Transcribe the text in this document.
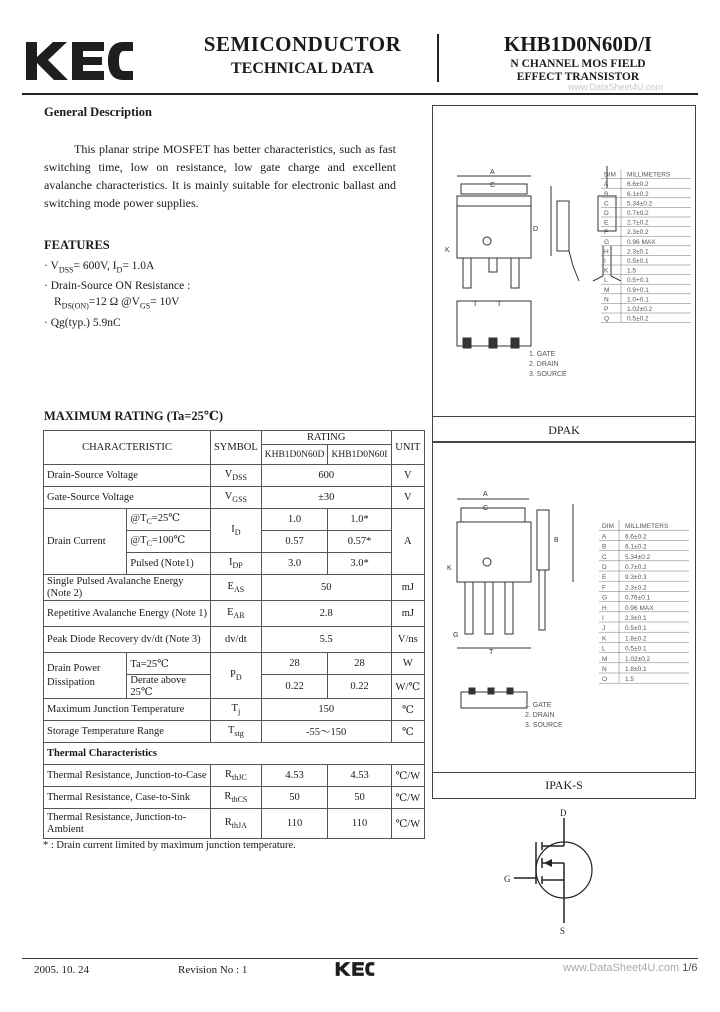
SEMICONDUCTOR
TECHNICAL DATA
KHB1D0N60D/I
N CHANNEL MOS FIELD
EFFECT TRANSISTOR
www.DataSheet4U.com
General Description
This planar stripe MOSFET has better characteristics, such as fast switching time, low on resistance, low gate charge and excellent avalanche characteristics. It is mainly suitable for electronic ballast and switching mode power supplies.
FEATURES
· $V_{DSS}= 600V$, $I_D= 1.0A$
· Drain-Source ON Resistance :
$R_{DS(ON)}=12$ Ω $@V_{GS}= 10V$
· Qg(typ.) 5.9nC
MAXIMUM RATING (Ta=25℃)
CHARACTERISTIC		SYMBOL	RATING		UNIT
			KHB1D0N60D	KHB1D0N60I	
Drain-Source Voltage		$V_{DSS}$	600		V
Gate-Source Voltage		$V_{GSS}$	±30		V
Drain Current	$@T_C=25℃$	$I_D$	1.0	1.0*	A
	$@T_C=100℃$		0.57	0.57*	
	Pulsed (Note1)	$I_{DP}$	3.0	3.0*	
Single Pulsed Avalanche Energy (Note 2)		$E_{AS}$	50		mJ
Repetitive Avalanche Energy (Note 1)		$E_{AR}$	2.8		mJ
Peak Diode Recovery dv/dt (Note 3)		dv/dt	5.5		V/ns
Drain Power Dissipation	Ta=25℃	$P_D$	28	28	W
	Derate above 25℃		0.22	0.22	W/℃
Maximum Junction Temperature		$T_j$	150		℃
Storage Temperature Range		$T_{stg}$	-55～150		℃
Thermal Characteristics					
Thermal Resistance, Junction-to-Case		$R_{thJC}$	4.53	4.53	℃/W
Thermal Resistance, Case-to-Sink		$R_{thCS}$	50	50	℃/W
Thermal Resistance, Junction-to-Ambient		$R_{thJA}$	110	110	℃/W
* : Drain current limited by maximum junction temperature.
A
C
K
D
T	T
1. GATE
2. DRAIN
3. SOURCE
DIM MILLIMETERS
A	6.6±0.2
B	6.1±0.2
C	5.34±0.2
D	0.7±0.2
E	2.7±0.2
F	2.3±0.2
G	0.96 MAX
H	2.3±0.1
I	0.5±0.1
K	1.5
L	0.5+0.1
M	0.9+0.1
N	1.0+0.1
P	1.02±0.2
Q	0.5±0.2
DPAK
A
C
K
B
G
T
1. GATE
2. DRAIN
3. SOURCE
DIM MILLIMETERS
A	6.6±0.2
B	6.1±0.2
C	5.34±0.2
D	0.7±0.2
E	9.3±0.3
F	2.3±0.2
G	0.76±0.1
H	0.96 MAX
I	2.3±0.1
J	0.5±0.1
K	1.8±0.2
L	0.5±0.1
M	1.02±0.2
N	1.8±0.1
O	1.5
IPAK-S
D
G
S
2005. 10. 24	Revision No : 1	www.DataSheet4U.com 1/6
